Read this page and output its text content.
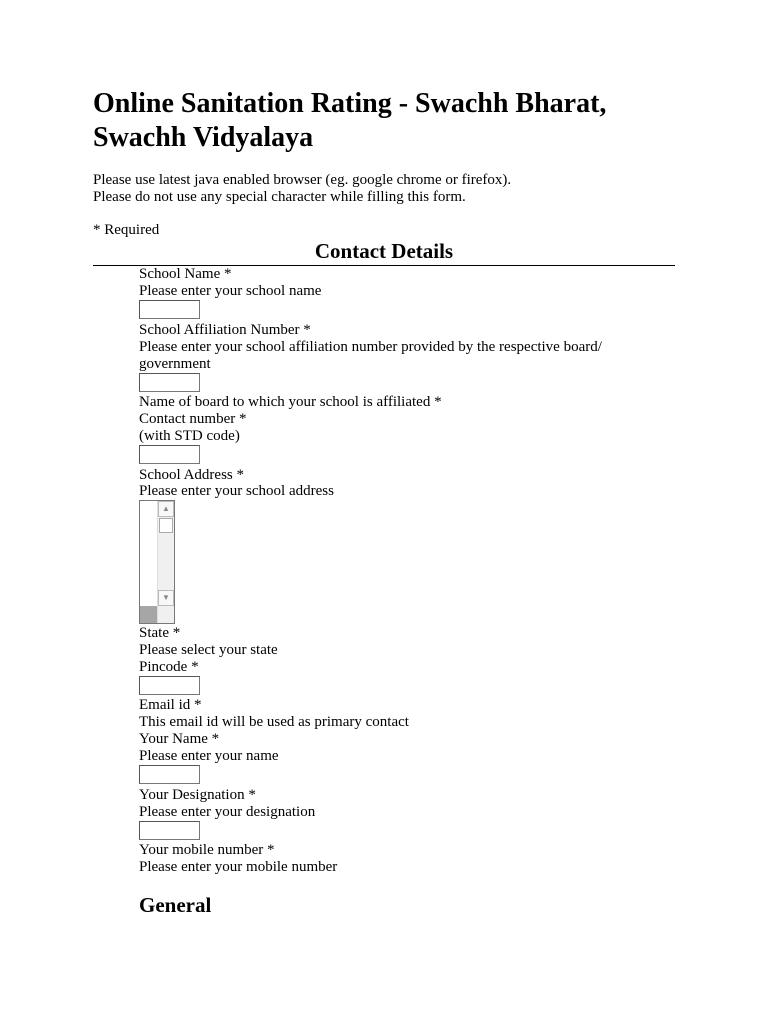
Online Sanitation Rating - Swachh Bharat, Swachh Vidyalaya
Please use latest java enabled browser (eg. google chrome or firefox).
Please do not use any special character while filling this form.
* Required
Contact Details
School Name *
Please enter your school name
School Affiliation Number *
Please enter your school affiliation number provided by the respective board/
government
Name of board to which your school is affiliated *
Contact number *
(with STD code)
School Address *
Please enter your school address
▲
▼
State *
Please select your state
Pincode *
Email id *
This email id will be used as primary contact
Your Name *
Please enter your name
Your Designation *
Please enter your designation
Your mobile number *
Please enter your mobile number
General
